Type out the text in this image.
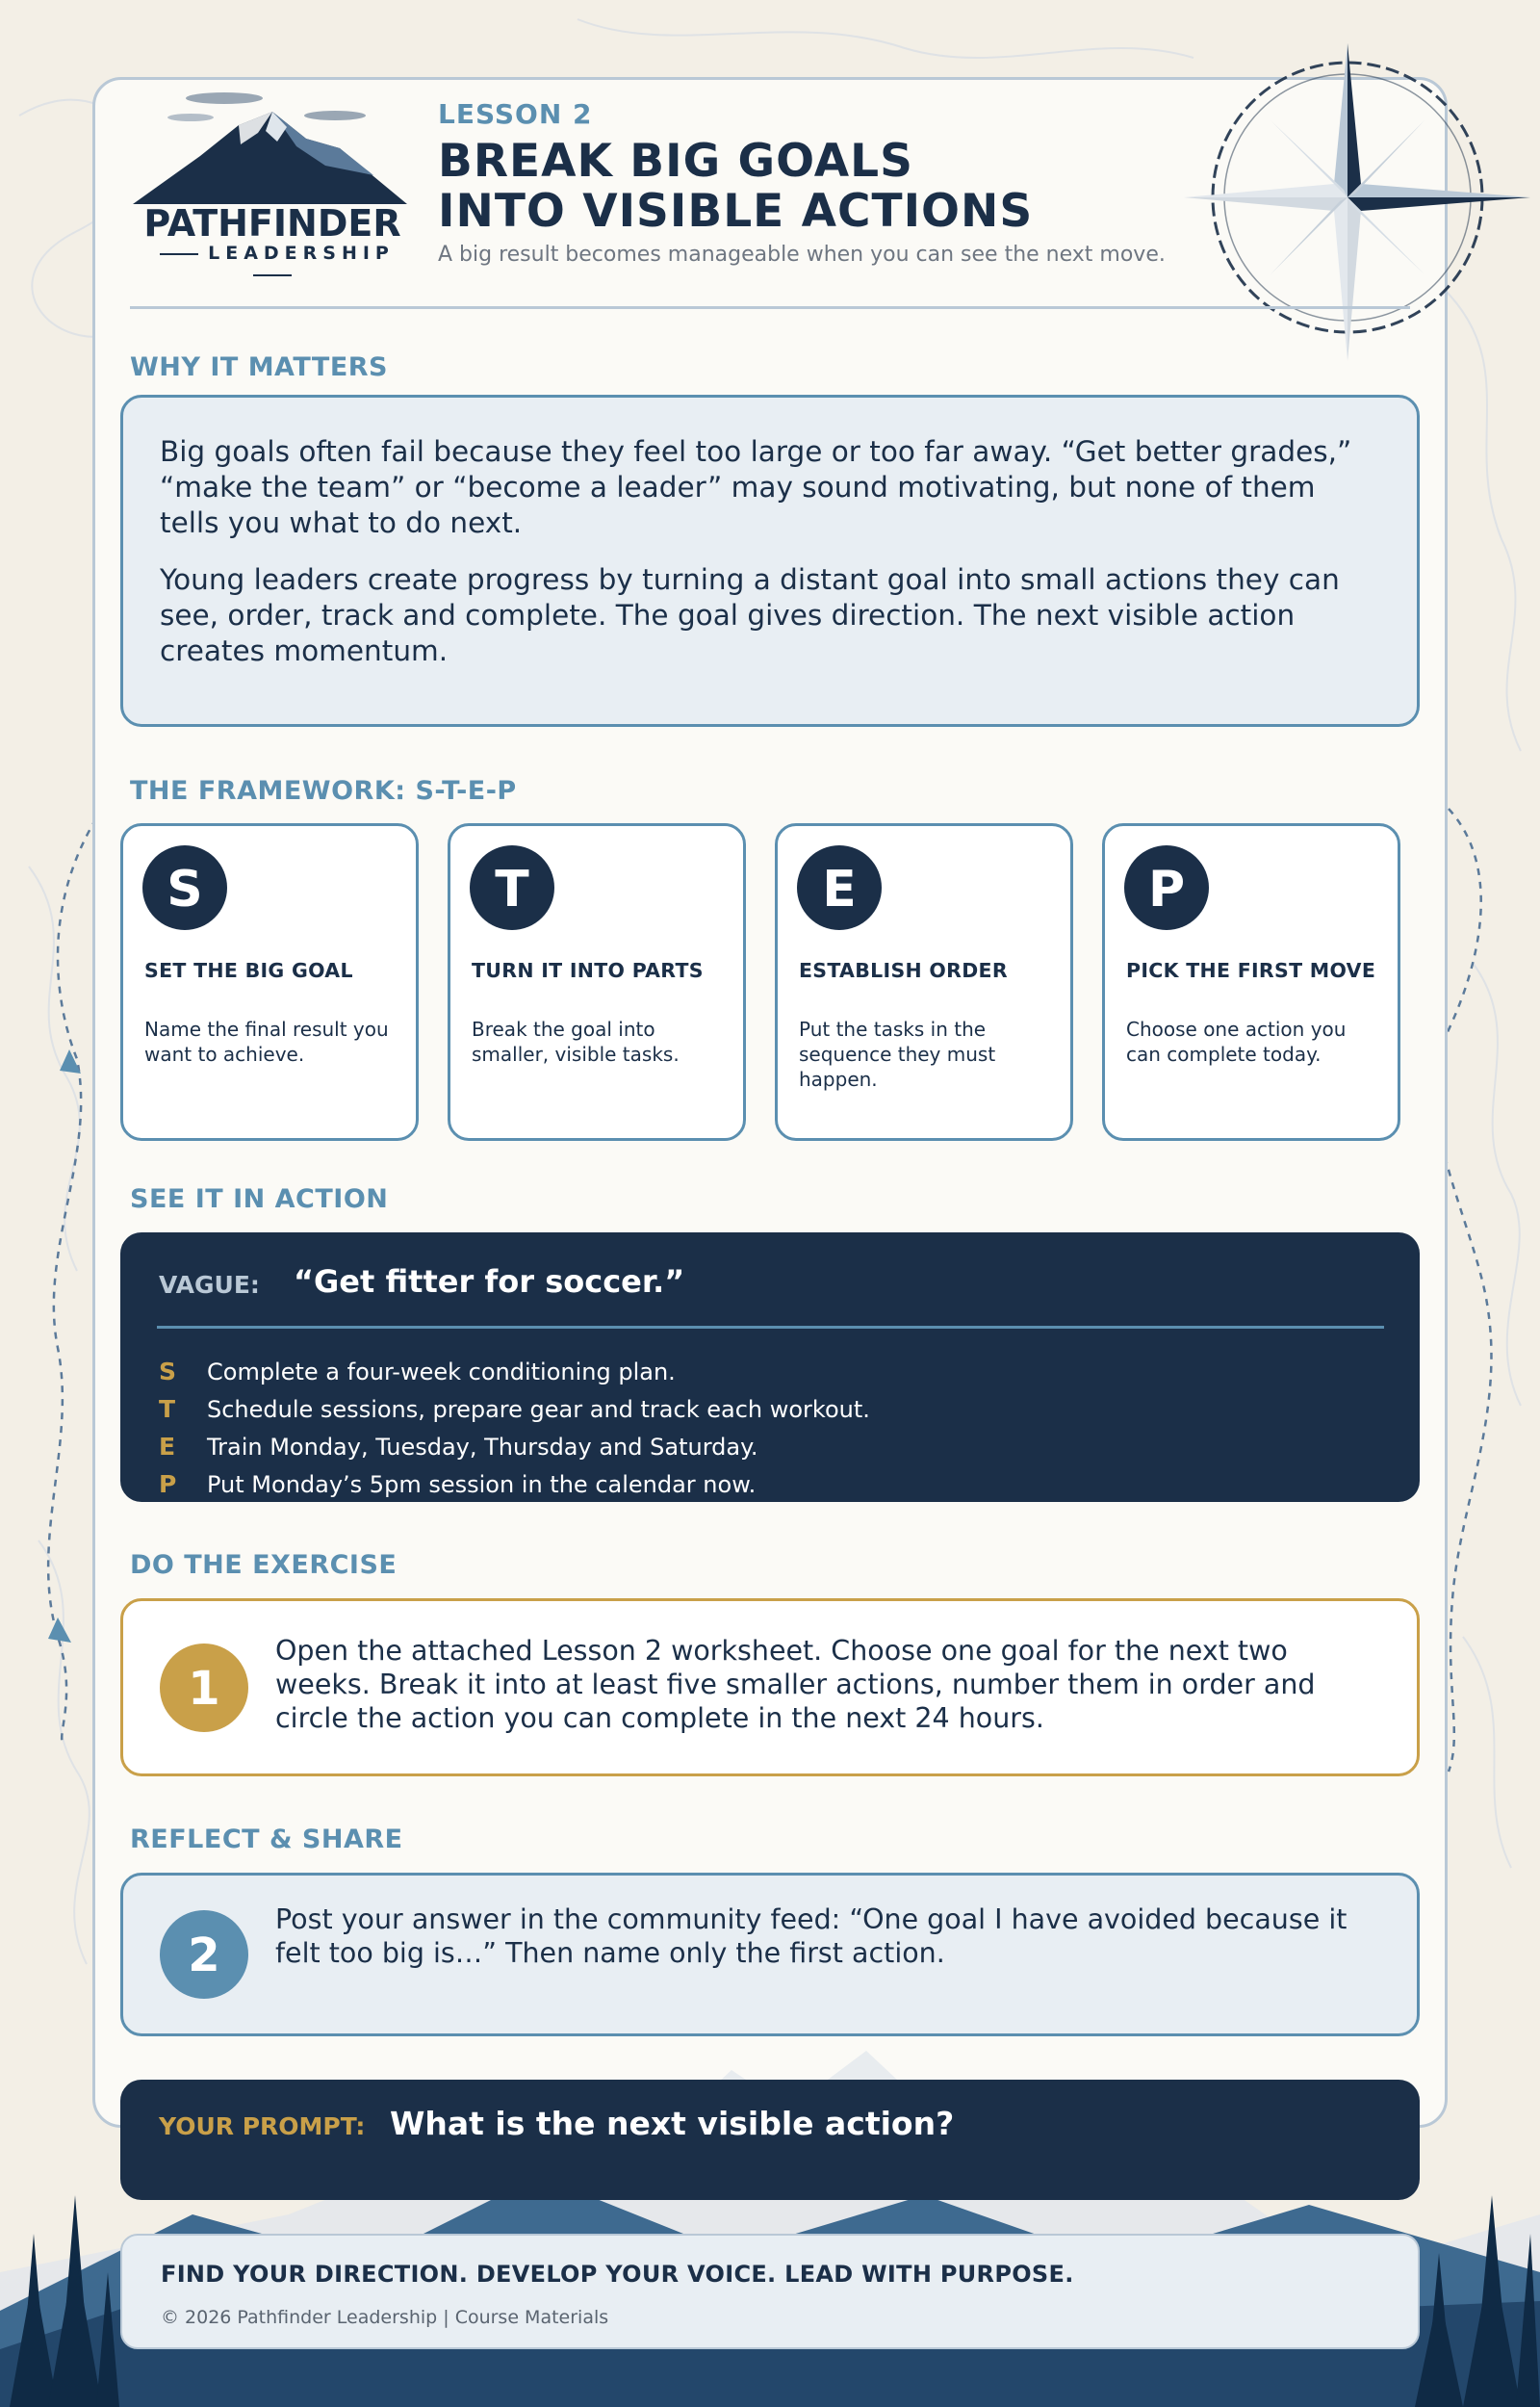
PATHFINDER
LEADERSHIP
LESSON 2
BREAK BIG GOALS
INTO VISIBLE ACTIONS
A big result becomes manageable when you can see the next move.
WHY IT MATTERS

Big goals often fail because they feel too large or too far away. “Get better grades,” “make the team” or “become a leader” may sound motivating, but none of them tells you what to do next.

Young leaders create progress by turning a distant goal into small actions they can see, order, track and complete. The goal gives direction. The next visible action creates momentum.

THE FRAMEWORK: S-T-E-P
S
SET THE BIG GOAL
Name the final result you want to achieve.
T
TURN IT INTO PARTS
Break the goal into smaller, visible tasks.
E
ESTABLISH ORDER
Put the tasks in the sequence they must happen.
P
PICK THE FIRST MOVE
Choose one action you can complete today.
SEE IT IN ACTION
VAGUE: “Get fitter for soccer.”
S Complete a four-week conditioning plan.
T Schedule sessions, prepare gear and track each workout.
E Train Monday, Tuesday, Thursday and Saturday.
P Put Monday’s 5pm session in the calendar now.
DO THE EXERCISE
1
Open the attached Lesson 2 worksheet. Choose one goal for the next two weeks. Break it into at least five smaller actions, number them in order and circle the action you can complete in the next 24 hours.
REFLECT & SHARE
2
Post your answer in the community feed: “One goal I have avoided because it felt too big is…” Then name only the first action.
YOUR PROMPT: What is the next visible action?
FIND YOUR DIRECTION. DEVELOP YOUR VOICE. LEAD WITH PURPOSE.
© 2026 Pathfinder Leadership | Course Materials
